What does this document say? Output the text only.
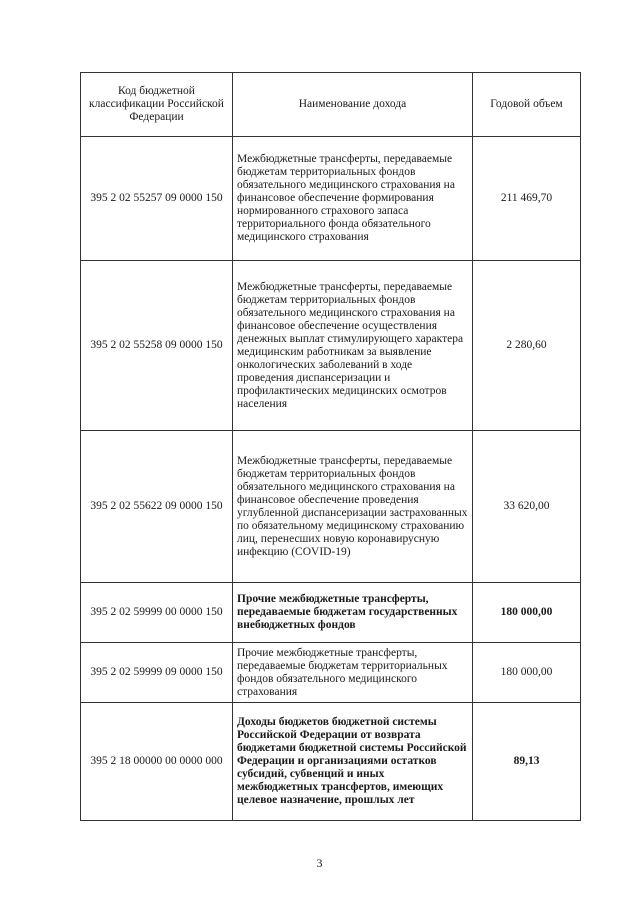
Код бюджетной классификации Российской Федерации	Наименование дохода	Годовой объем
395 2 02 55257 09 0000 150	Межбюджетные трансферты, передаваемые бюджетам территориальных фондов обязательного медицинского страхования на финансовое обеспечение формирования нормированного страхового запаса территориального фонда обязательного медицинского страхования	211 469,70
395 2 02 55258 09 0000 150	Межбюджетные трансферты, передаваемые бюджетам территориальных фондов обязательного медицинского страхования на финансовое обеспечение осуществления денежных выплат стимулирующего характера медицинским работникам за выявление онкологических заболеваний в ходе проведения диспансеризации и профилактических медицинских осмотров населения	2 280,60
395 2 02 55622 09 0000 150	Межбюджетные трансферты, передаваемые бюджетам территориальных фондов обязательного медицинского страхования на финансовое обеспечение проведения углубленной диспансеризации застрахованных по обязательному медицинскому страхованию лиц, перенесших новую коронавирусную инфекцию (COVID-19)	33 620,00
395 2 02 59999 00 0000 150	Прочие межбюджетные трансферты, передаваемые бюджетам государственных внебюджетных фондов	180 000,00
395 2 02 59999 09 0000 150	Прочие межбюджетные трансферты, передаваемые бюджетам территориальных фондов обязательного медицинского страхования	180 000,00
395 2 18 00000 00 0000 000	Доходы бюджетов бюджетной системы Российской Федерации от возврата бюджетами бюджетной системы Российской Федерации и организациями остатков субсидий, субвенций и иных межбюджетных трансфертов, имеющих целевое назначение, прошлых лет	89,13
3
